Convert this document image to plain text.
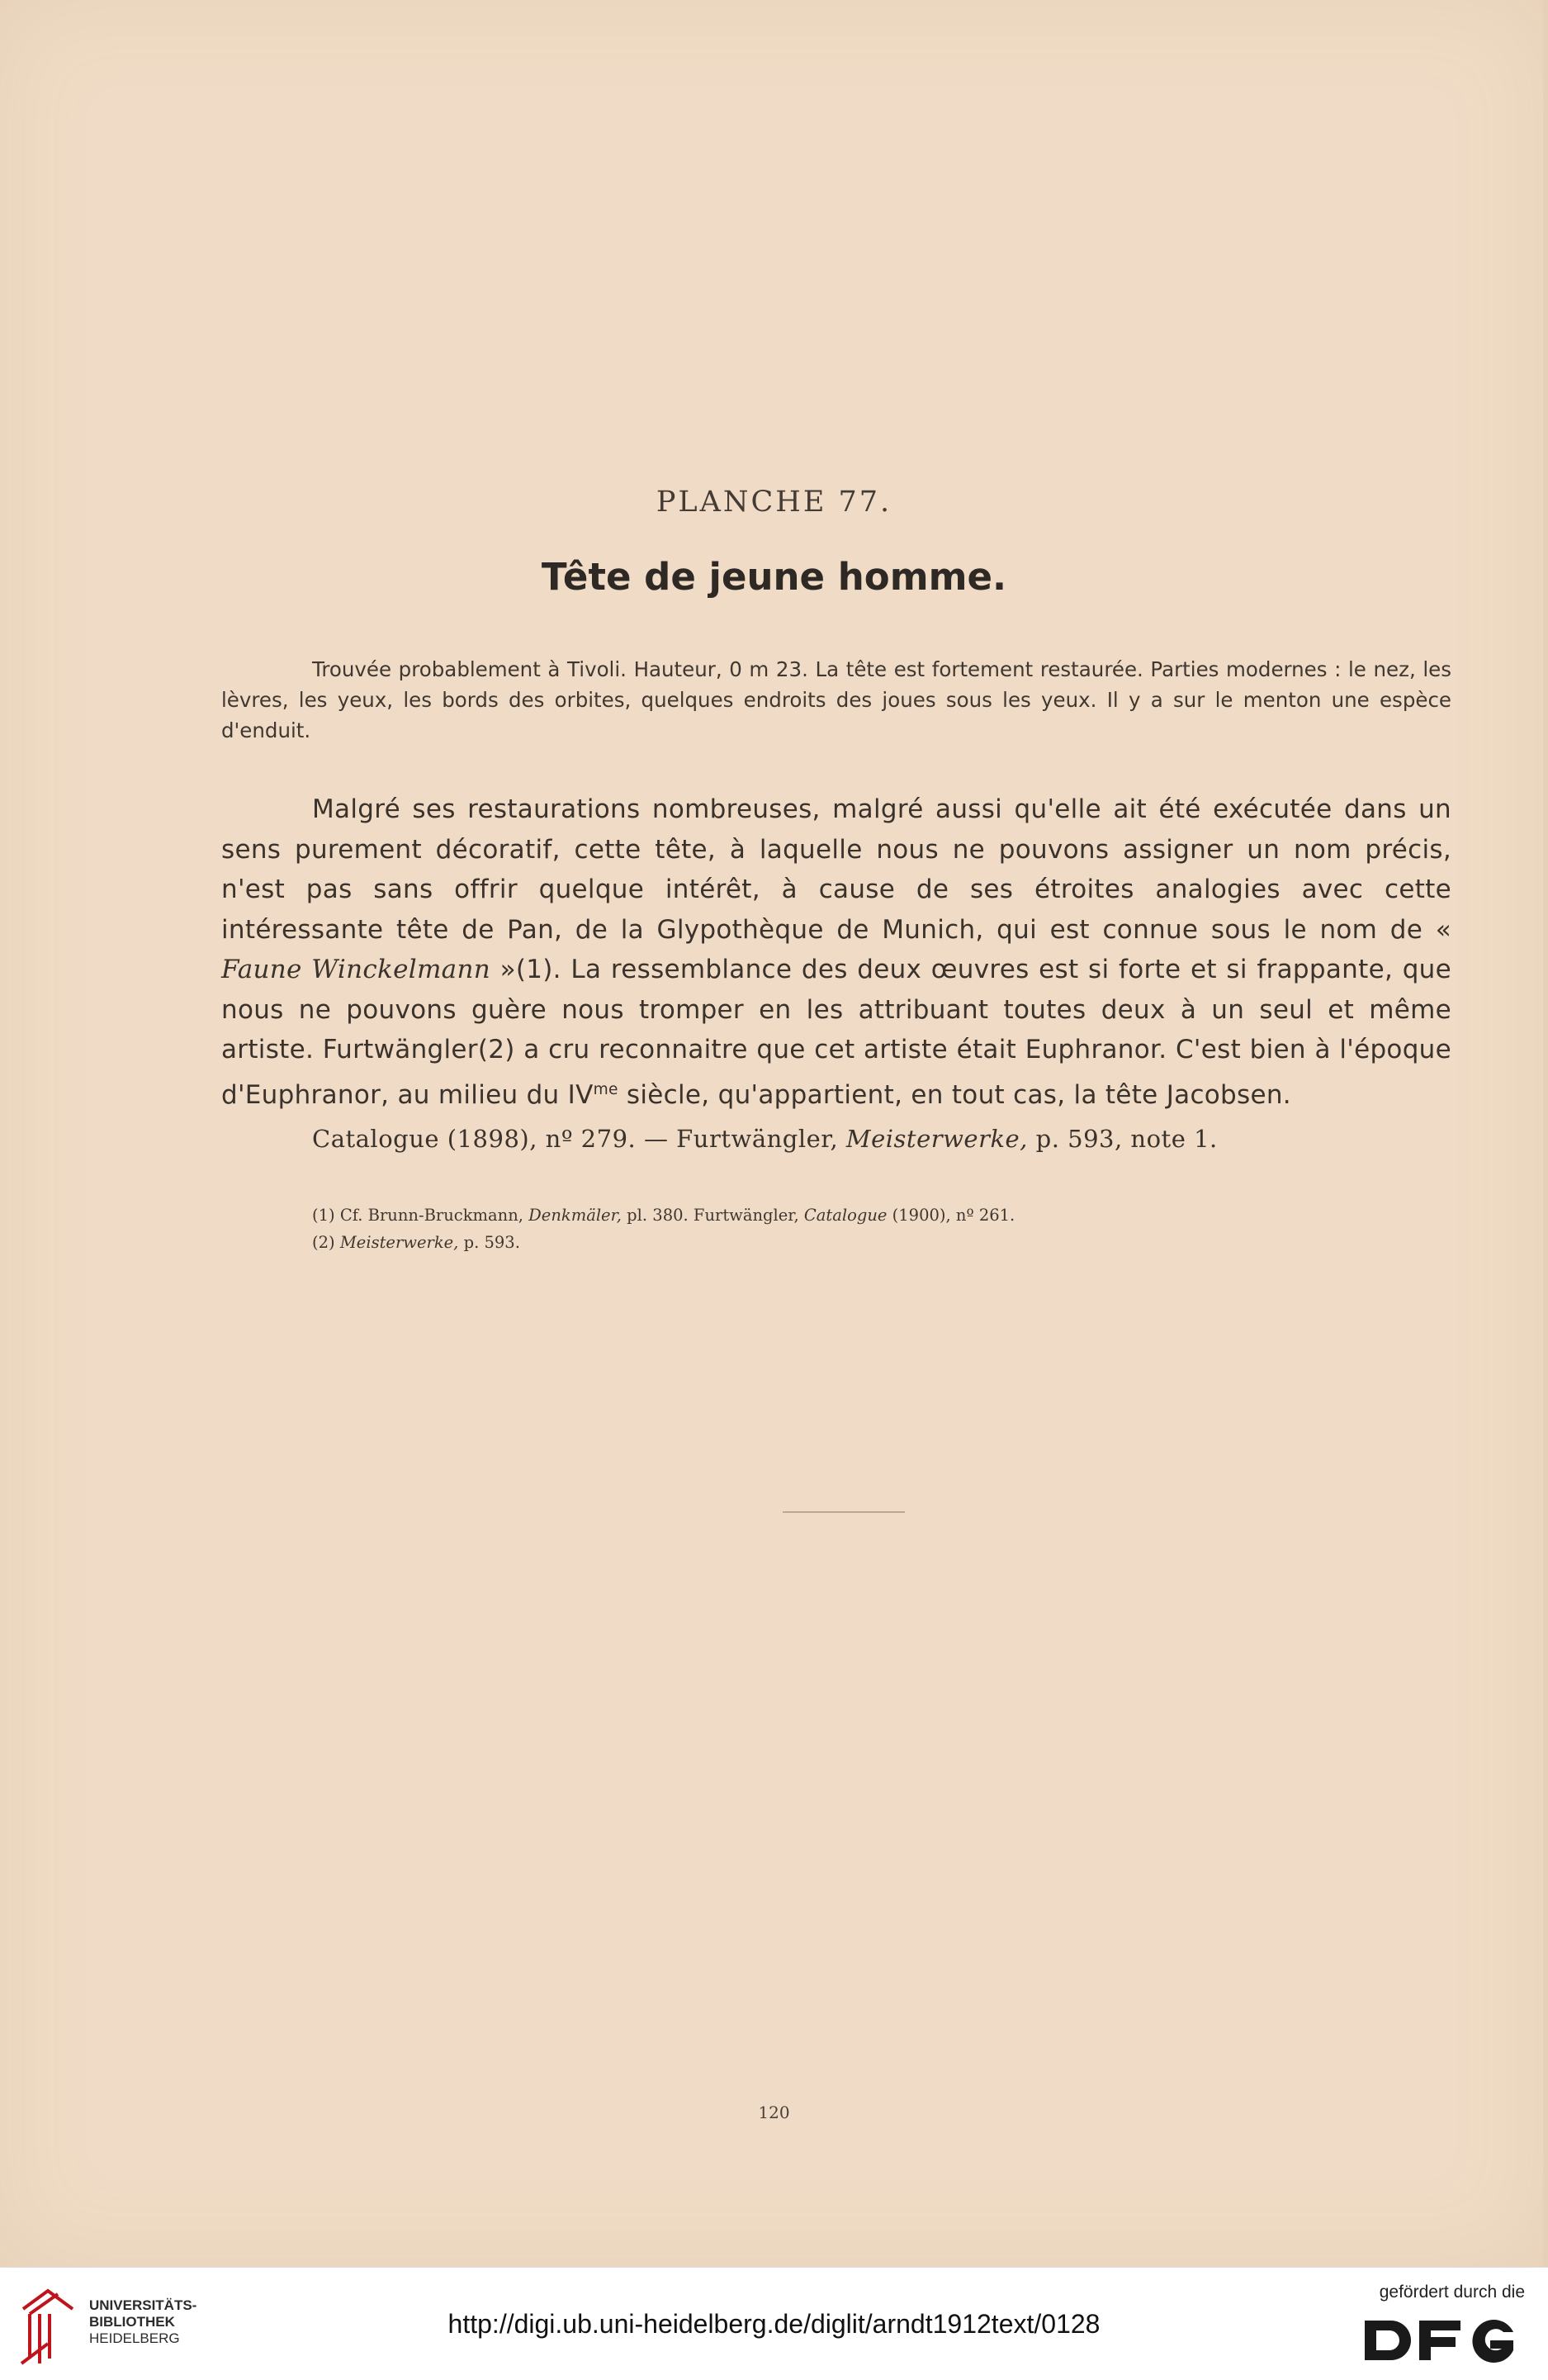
PLANCHE 77.
Tête de jeune homme.
Trouvée probablement à Tivoli. Hauteur, 0 m 23. La tête est fortement restaurée. Parties modernes : le nez, les lèvres, les yeux, les bords des orbites, quelques endroits des joues sous les yeux. Il y a sur le menton une espèce d'enduit.
Malgré ses restaurations nombreuses, malgré aussi qu'elle ait été exécutée dans un sens purement décoratif, cette tête, à laquelle nous ne pouvons assigner un nom précis, n'est pas sans offrir quelque intérêt, à cause de ses étroites analogies avec cette intéressante tête de Pan, de la Glypothèque de Munich, qui est connue sous le nom de « Faune Winckelmann »(1). La ressemblance des deux œuvres est si forte et si frappante, que nous ne pouvons guère nous tromper en les attribuant toutes deux à un seul et même artiste. Furtwängler(2) a cru reconnaitre que cet artiste était Euphranor. C'est bien à l'époque d'Euphranor, au milieu du $IV^{me}$ siècle, qu'appartient, en tout cas, la tête Jacobsen.
Catalogue (1898), nº 279. — Furtwängler, Meisterwerke, p. 593, note 1.
(1) Cf. Brunn-Bruckmann, Denkmäler, pl. 380. Furtwängler, Catalogue (1900), nº 261.
(2) Meisterwerke, p. 593.
120
UNIVERSITÄTS-
BIBLIOTHEK
HEIDELBERG	http://digi.ub.uni-heidelberg.de/diglit/arndt1912text/0128
gefördert durch die
